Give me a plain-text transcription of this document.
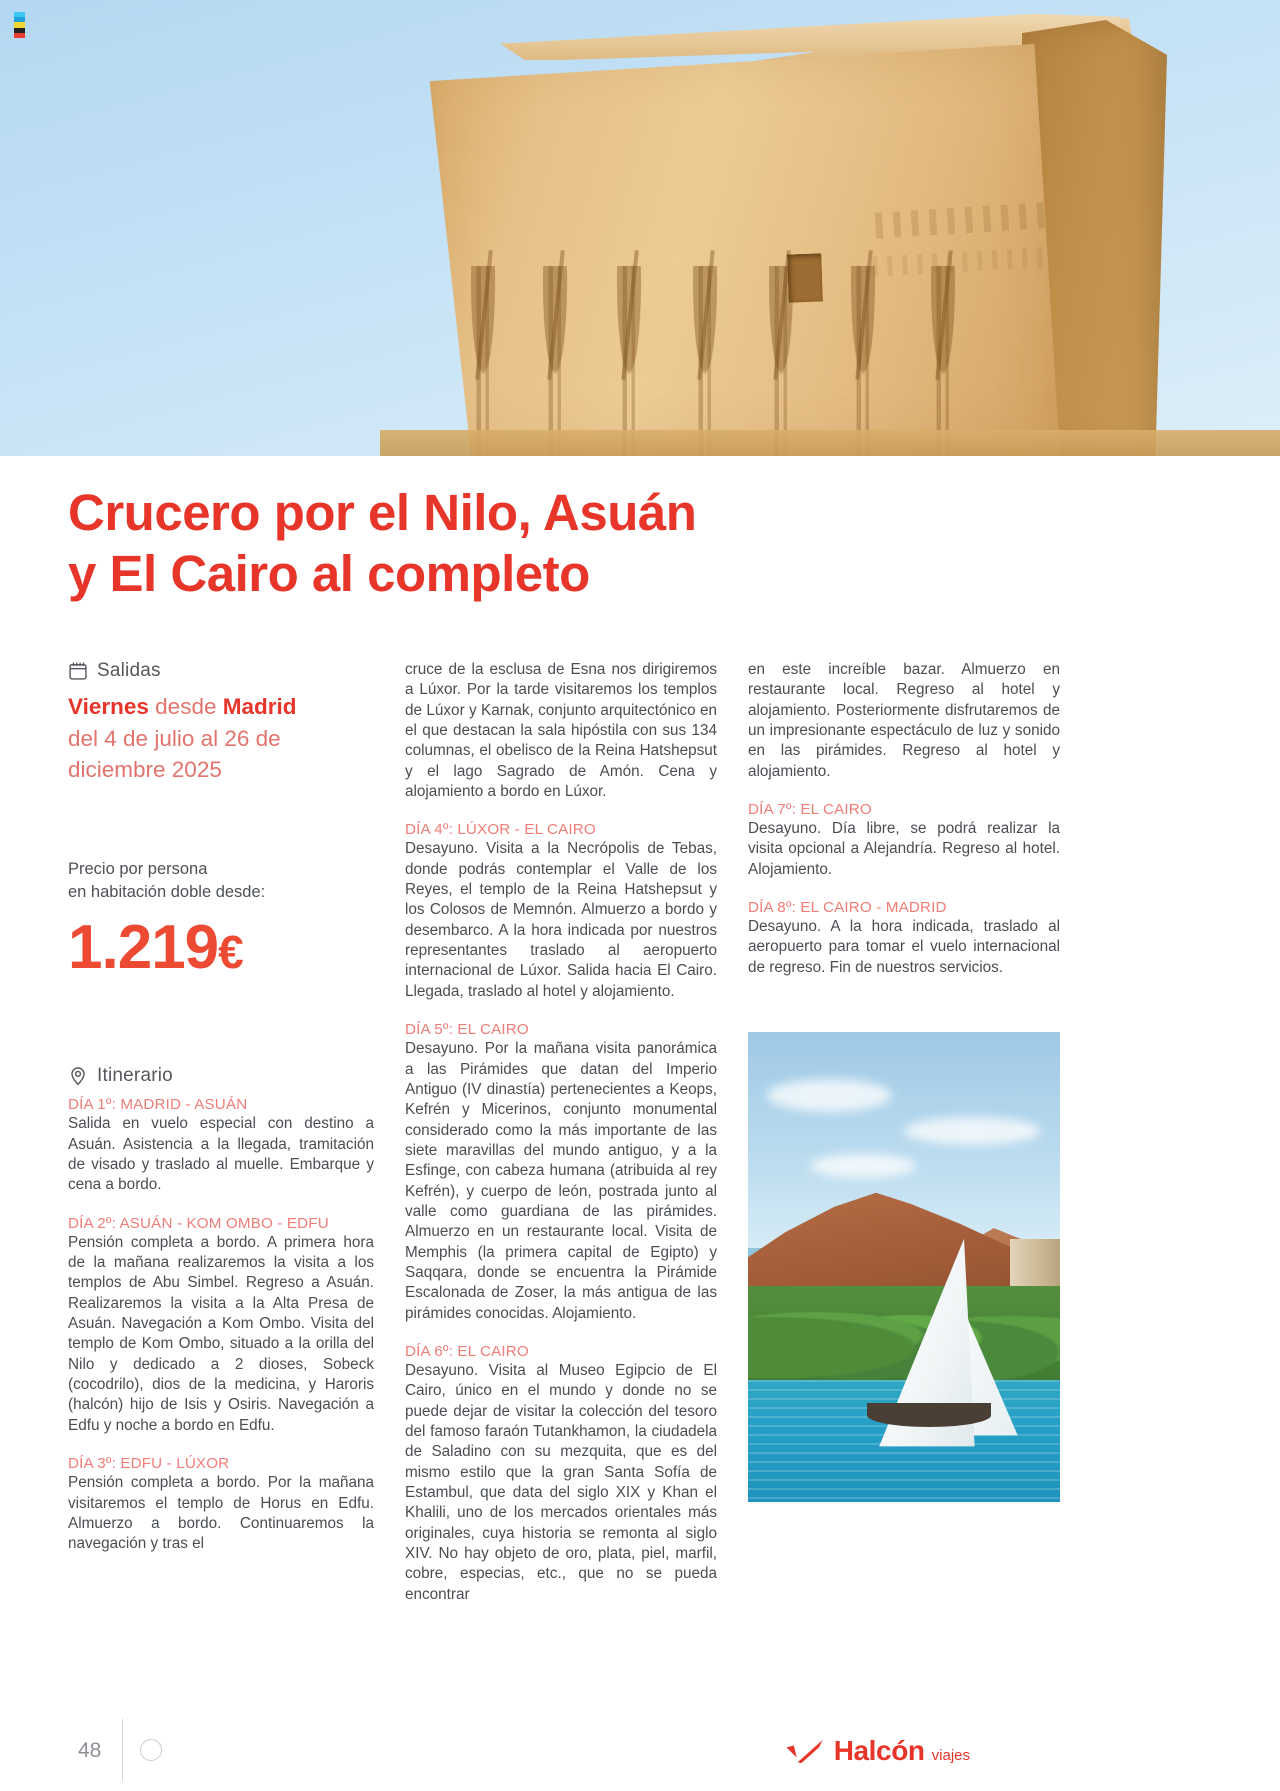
Crucero por el Nilo, Asuán
y El Cairo al completo
Salidas
Viernes desde Madrid
del 4 de julio al 26 de diciembre 2025
Precio por persona
en habitación doble desde:
1.219€
Itinerario
DÍA 1º: MADRID - ASUÁN

Salida en vuelo especial con destino a Asuán. Asistencia a la llegada, tramitación de visado y traslado al muelle. Embarque y cena a bordo.

DÍA 2º: ASUÁN - KOM OMBO - EDFU

Pensión completa a bordo. A primera hora de la mañana realizaremos la visita a los templos de Abu Simbel. Regreso a Asuán. Realizaremos la visita a la Alta Presa de Asuán. Navegación a Kom Ombo. Visita del templo de Kom Ombo, situado a la orilla del Nilo y dedicado a 2 dioses, Sobeck (cocodrilo), dios de la medicina, y Haroris (halcón) hijo de Isis y Osiris. Navegación a Edfu y noche a bordo en Edfu.

DÍA 3º: EDFU - LÚXOR

Pensión completa a bordo. Por la mañana visitaremos el templo de Horus en Edfu. Almuerzo a bordo. Continuaremos la navegación y tras el

cruce de la esclusa de Esna nos dirigiremos a Lúxor. Por la tarde visitaremos los templos de Lúxor y Karnak, conjunto arquitectónico en el que destacan la sala hipóstila con sus 134 columnas, el obelisco de la Reina Hatshepsut y el lago Sagrado de Amón. Cena y alojamiento a bordo en Lúxor.

DÍA 4º: LÚXOR - EL CAIRO

Desayuno. Visita a la Necrópolis de Tebas, donde podrás contemplar el Valle de los Reyes, el templo de la Reina Hatshepsut y los Colosos de Memnón. Almuerzo a bordo y desembarco. A la hora indicada por nuestros representantes traslado al aeropuerto internacional de Lúxor. Salida hacia El Cairo. Llegada, traslado al hotel y alojamiento.

DÍA 5º: EL CAIRO

Desayuno. Por la mañana visita panorámica a las Pirámides que datan del Imperio Antiguo (IV dinastía) pertenecientes a Keops, Kefrén y Micerinos, conjunto monumental considerado como la más importante de las siete maravillas del mundo antiguo, y a la Esfinge, con cabeza humana (atribuida al rey Kefrén), y cuerpo de león, postrada junto al valle como guardiana de las pirámides. Almuerzo en un restaurante local. Visita de Memphis (la primera capital de Egipto) y Saqqara, donde se encuentra la Pirámide Escalonada de Zoser, la más antigua de las pirámides conocidas. Alojamiento.

DÍA 6º: EL CAIRO

Desayuno. Visita al Museo Egipcio de El Cairo, único en el mundo y donde no se puede dejar de visitar la colección del tesoro del famoso faraón Tutankhamon, la ciudadela de Saladino con su mezquita, que es del mismo estilo que la gran Santa Sofía de Estambul, que data del siglo XIX y Khan el Khalili, uno de los mercados orientales más originales, cuya historia se remonta al siglo XIV. No hay objeto de oro, plata, piel, marfil, cobre, especias, etc., que no se pueda encontrar

en este increíble bazar. Almuerzo en restaurante local. Regreso al hotel y alojamiento. Posteriormente disfrutaremos de un impresionante espectáculo de luz y sonido en las pirámides. Regreso al hotel y alojamiento.

DÍA 7º: EL CAIRO

Desayuno. Día libre, se podrá realizar la visita opcional a Alejandría. Regreso al hotel. Alojamiento.

DÍA 8º: EL CAIRO - MADRID

Desayuno. A la hora indicada, traslado al aeropuerto para tomar el vuelo internacional de regreso. Fin de nuestros servicios.

48	Halcón viajes
